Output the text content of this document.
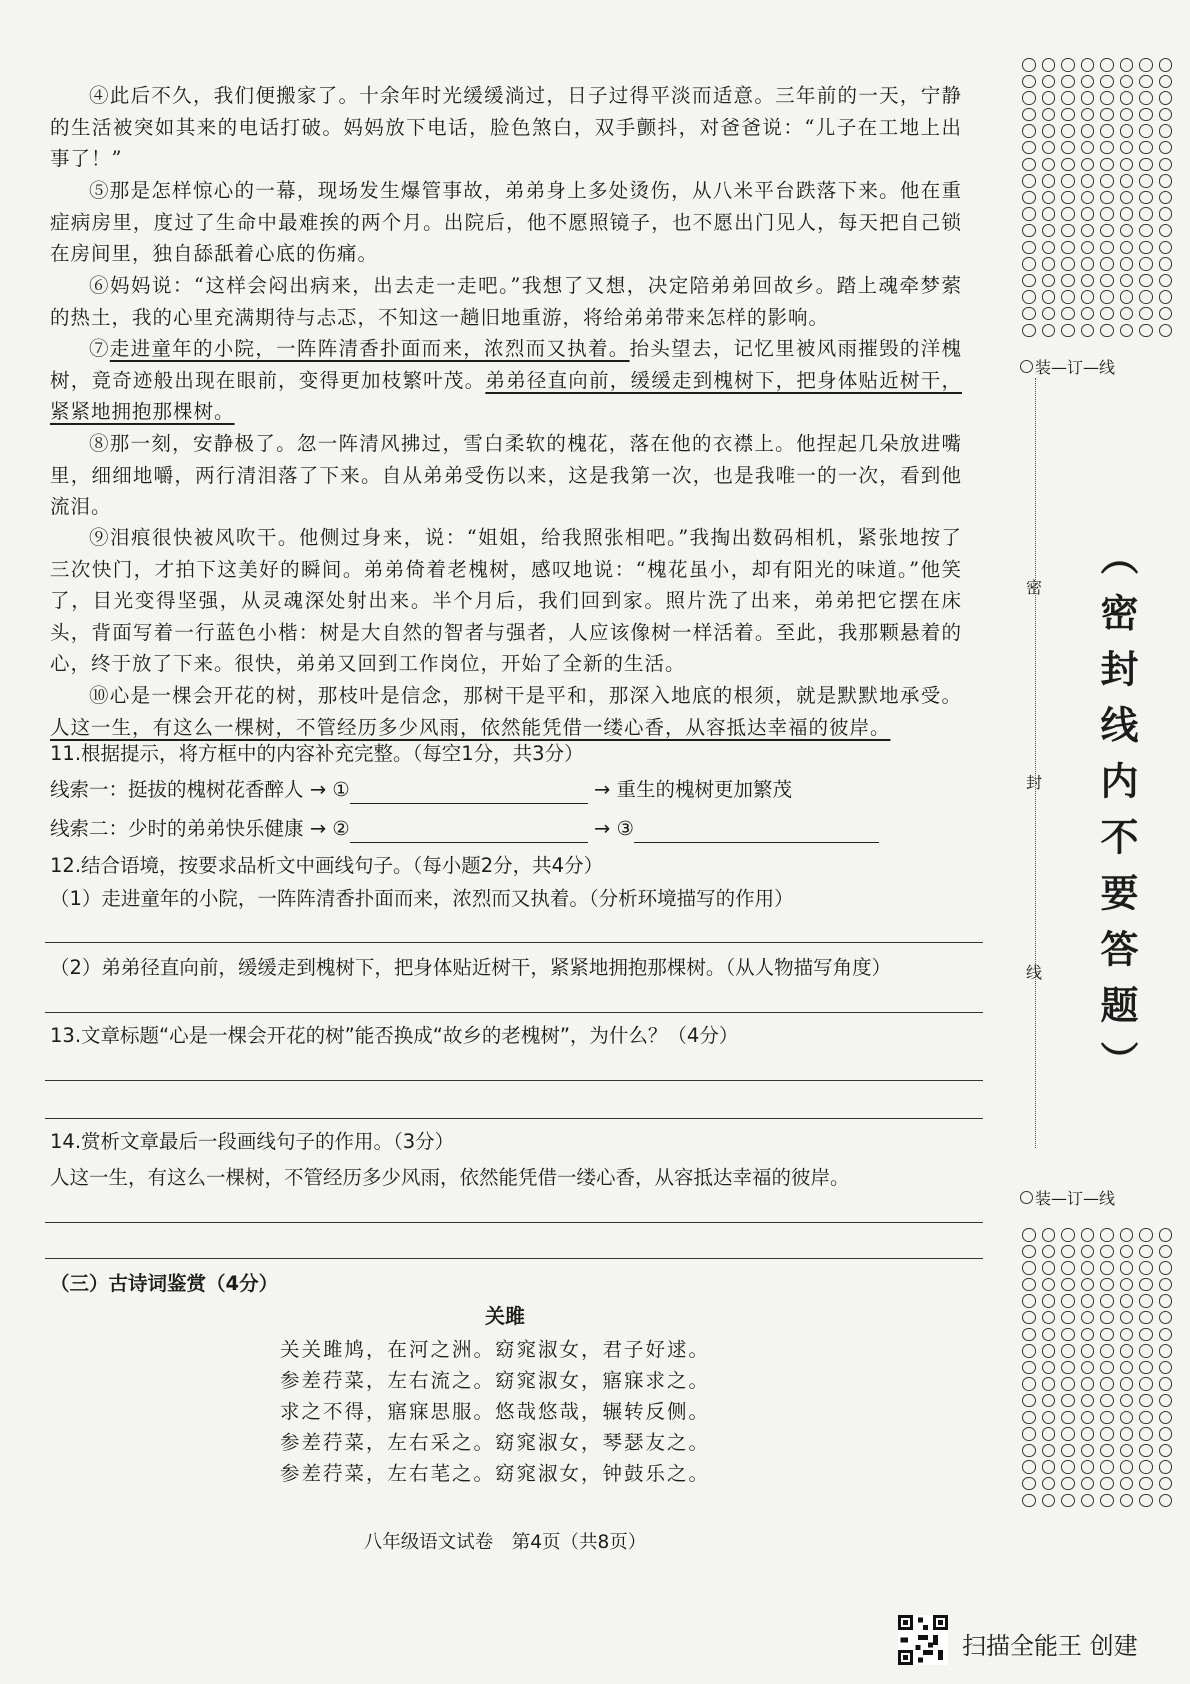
④此后不久，我们便搬家了。十余年时光缓缓淌过，日子过得平淡而适意。三年前的一天，宁静的生活被突如其来的电话打破。妈妈放下电话，脸色煞白，双手颤抖，对爸爸说：“儿子在工地上出事了！”

⑤那是怎样惊心的一幕，现场发生爆管事故，弟弟身上多处烫伤，从八米平台跌落下来。他在重症病房里，度过了生命中最难挨的两个月。出院后，他不愿照镜子，也不愿出门见人，每天把自己锁在房间里，独自舔舐着心底的伤痛。

⑥妈妈说：“这样会闷出病来，出去走一走吧。”我想了又想，决定陪弟弟回故乡。踏上魂牵梦萦的热土，我的心里充满期待与忐忑，不知这一趟旧地重游，将给弟弟带来怎样的影响。

⑦走进童年的小院，一阵阵清香扑面而来，浓烈而又执着。抬头望去，记忆里被风雨摧毁的洋槐树，竟奇迹般出现在眼前，变得更加枝繁叶茂。弟弟径直向前，缓缓走到槐树下，把身体贴近树干，紧紧地拥抱那棵树。

⑧那一刻，安静极了。忽一阵清风拂过，雪白柔软的槐花，落在他的衣襟上。他捏起几朵放进嘴里，细细地嚼，两行清泪落了下来。自从弟弟受伤以来，这是我第一次，也是我唯一的一次，看到他流泪。

⑨泪痕很快被风吹干。他侧过身来，说：“姐姐，给我照张相吧。”我掏出数码相机，紧张地按了三次快门，才拍下这美好的瞬间。弟弟倚着老槐树，感叹地说：“槐花虽小，却有阳光的味道。”他笑了，目光变得坚强，从灵魂深处射出来。半个月后，我们回到家。照片洗了出来，弟弟把它摆在床头，背面写着一行蓝色小楷：树是大自然的智者与强者，人应该像树一样活着。至此，我那颗悬着的心，终于放了下来。很快，弟弟又回到工作岗位，开始了全新的生活。

⑩心是一棵会开花的树，那枝叶是信念，那树干是平和，那深入地底的根须，就是默默地承受。人这一生，有这么一棵树，不管经历多少风雨，依然能凭借一缕心香，从容抵达幸福的彼岸。

11.根据提示，将方框中的内容补充完整。（每空1分，共3分）

线索一：挺拔的槐树花香醉人 → ①	→ 重生的槐树更加繁茂
线索二：少时的弟弟快乐健康 → ②	→ ③

12.结合语境，按要求品析文中画线句子。（每小题2分，共4分）

（1）走进童年的小院，一阵阵清香扑面而来，浓烈而又执着。（分析环境描写的作用）

（2）弟弟径直向前，缓缓走到槐树下，把身体贴近树干，紧紧地拥抱那棵树。（从人物描写角度）

13.文章标题“心是一棵会开花的树”能否换成“故乡的老槐树”，为什么？（4分）

14.赏析文章最后一段画线句子的作用。（3分）

人这一生，有这么一棵树，不管经历多少风雨，依然能凭借一缕心香，从容抵达幸福的彼岸。

（三）古诗词鉴赏（4分）

关雎
关关雎鸠，在河之洲。窈窕淑女，君子好逑。
参差荇菜，左右流之。窈窕淑女，寤寐求之。
求之不得，寤寐思服。悠哉悠哉，辗转反侧。
参差荇菜，左右采之。窈窕淑女，琴瑟友之。
参差荇菜，左右芼之。窈窕淑女，钟鼓乐之。
八年级语文试卷　第4页（共8页）
装—订—线
密
封
线 （密封线内不要答题）
装—订—线
扫描全能王 创建
